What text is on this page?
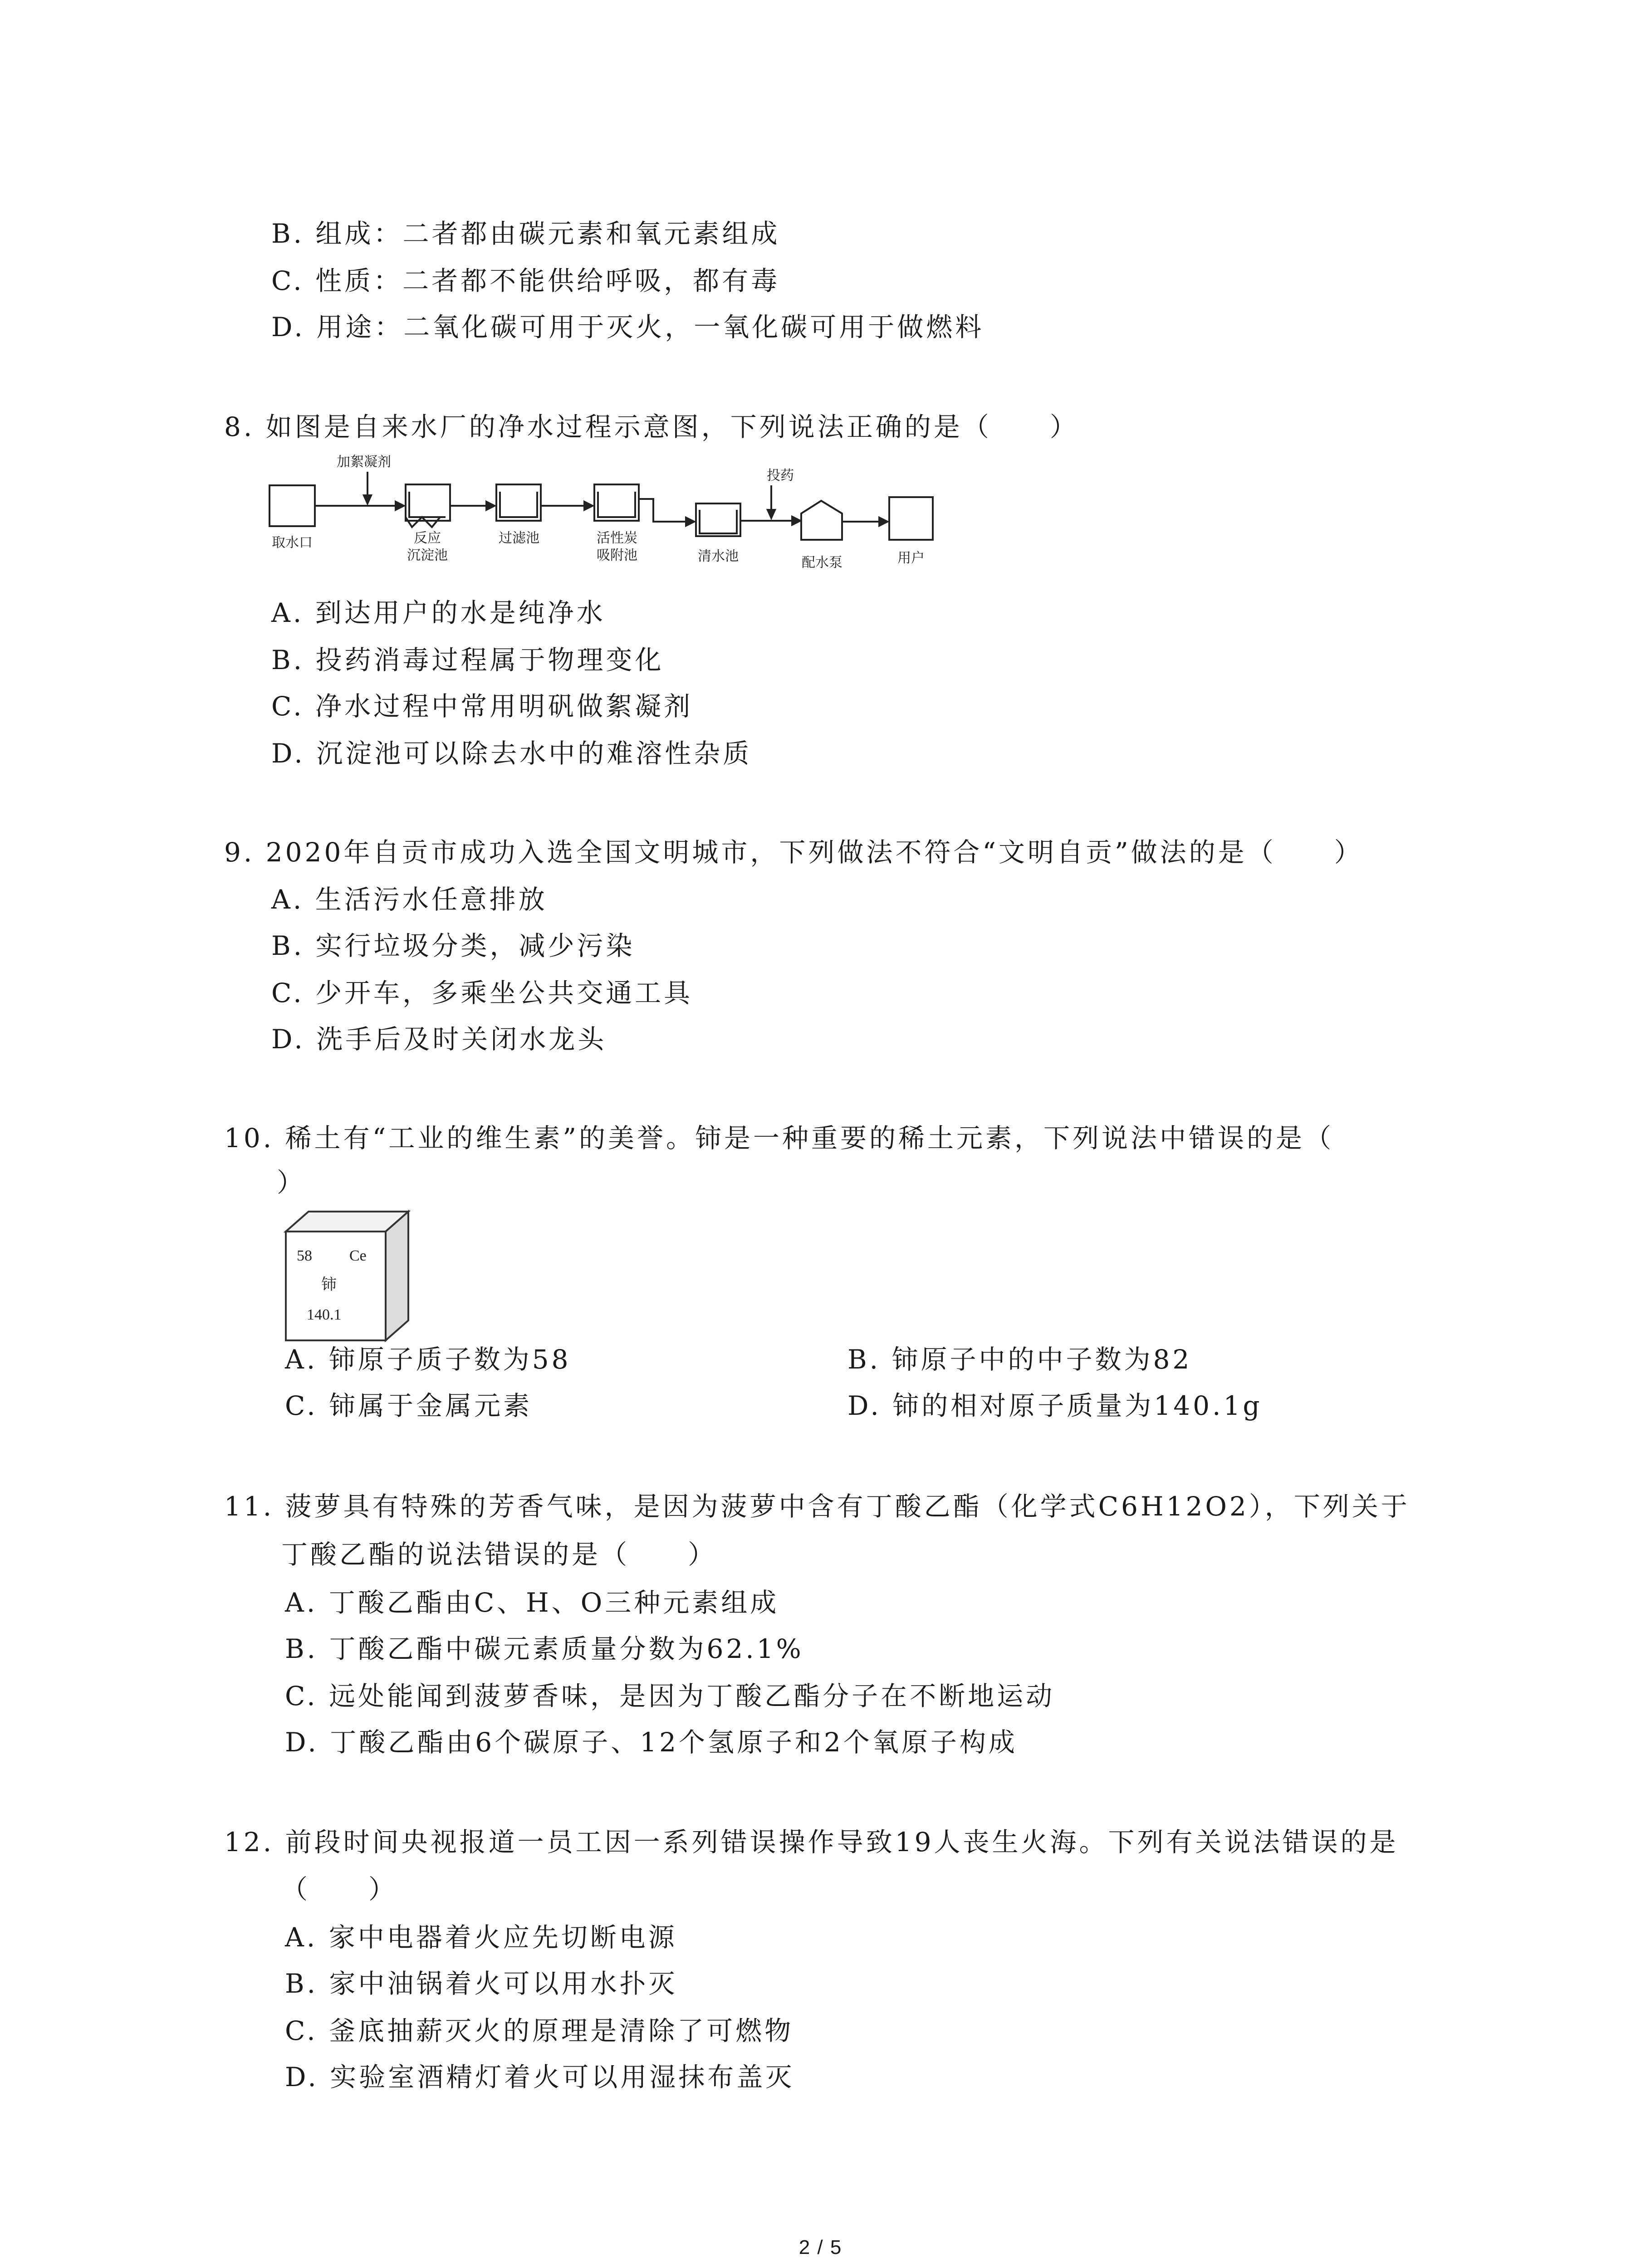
B. 组成：二者都由碳元素和氧元素组成
C. 性质：二者都不能供给呼吸，都有毒
D. 用途：二氧化碳可用于灭火，一氧化碳可用于做燃料
8. 如图是自来水厂的净水过程示意图，下列说法正确的是（　　）
加絮凝剂
取水口	反应
沉淀池
过滤池	活性炭
吸附池	清水池
投药
配水泵	用户
A. 到达用户的水是纯净水
B. 投药消毒过程属于物理变化
C. 净水过程中常用明矾做絮凝剂
D. 沉淀池可以除去水中的难溶性杂质
9. 2020年自贡市成功入选全国文明城市，下列做法不符合“文明自贡”做法的是（　　）
A. 生活污水任意排放
B. 实行垃圾分类，减少污染
C. 少开车，多乘坐公共交通工具
D. 洗手后及时关闭水龙头
10. 稀土有“工业的维生素”的美誉。铈是一种重要的稀土元素，下列说法中错误的是（
）
58 Ce
铈
140.1
A. 铈原子质子数为58	B. 铈原子中的中子数为82
C. 铈属于金属元素	D. 铈的相对原子质量为140.1g
11. 菠萝具有特殊的芳香气味，是因为菠萝中含有丁酸乙酯（化学式C6H12O2），下列关于
丁酸乙酯的说法错误的是（　　）
A. 丁酸乙酯由C、H、O三种元素组成
B. 丁酸乙酯中碳元素质量分数为62.1%
C. 远处能闻到菠萝香味，是因为丁酸乙酯分子在不断地运动
D. 丁酸乙酯由6个碳原子、12个氢原子和2个氧原子构成
12. 前段时间央视报道一员工因一系列错误操作导致19人丧生火海。下列有关说法错误的是
（　　）
A. 家中电器着火应先切断电源
B. 家中油锅着火可以用水扑灭
C. 釜底抽薪灭火的原理是清除了可燃物
D. 实验室酒精灯着火可以用湿抹布盖灭
2 / 5
